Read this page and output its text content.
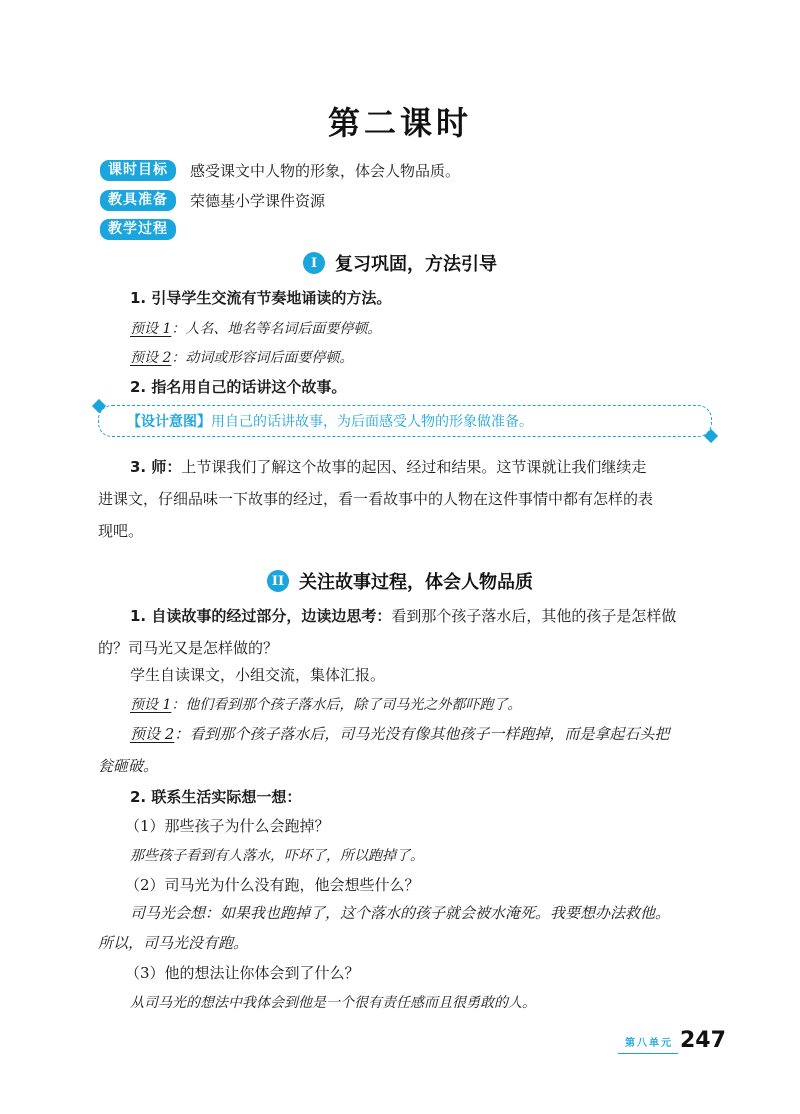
第二课时
课时目标	感受课文中人物的形象，体会人物品质。
教具准备	荣德基小学课件资源
教学过程
I 复习巩固，方法引导
1. 引导学生交流有节奏地诵读的方法。
预设 1：人名、地名等名词后面要停顿。
预设 2：动词或形容词后面要停顿。
2. 指名用自己的话讲这个故事。
【设计意图】 用自己的话讲故事，为后面感受人物的形象做准备。
3. 师：上节课我们了解这个故事的起因、经过和结果。这节课就让我们继续走
进课文，仔细品味一下故事的经过，看一看故事中的人物在这件事情中都有怎样的表
现吧。
II 关注故事过程，体会人物品质
1. 自读故事的经过部分，边读边思考：看到那个孩子落水后，其他的孩子是怎样做
的？司马光又是怎样做的？
学生自读课文，小组交流，集体汇报。
预设 1：他们看到那个孩子落水后，除了司马光之外都吓跑了。
预设 2：看到那个孩子落水后，司马光没有像其他孩子一样跑掉，而是拿起石头把
瓮砸破。
2. 联系生活实际想一想：
（1）那些孩子为什么会跑掉？
那些孩子看到有人落水，吓坏了，所以跑掉了。
（2）司马光为什么没有跑，他会想些什么？
司马光会想：如果我也跑掉了，这个落水的孩子就会被水淹死。我要想办法救他。
所以，司马光没有跑。
（3）他的想法让你体会到了什么？
从司马光的想法中我体会到他是一个很有责任感而且很勇敢的人。
第八单元 247
